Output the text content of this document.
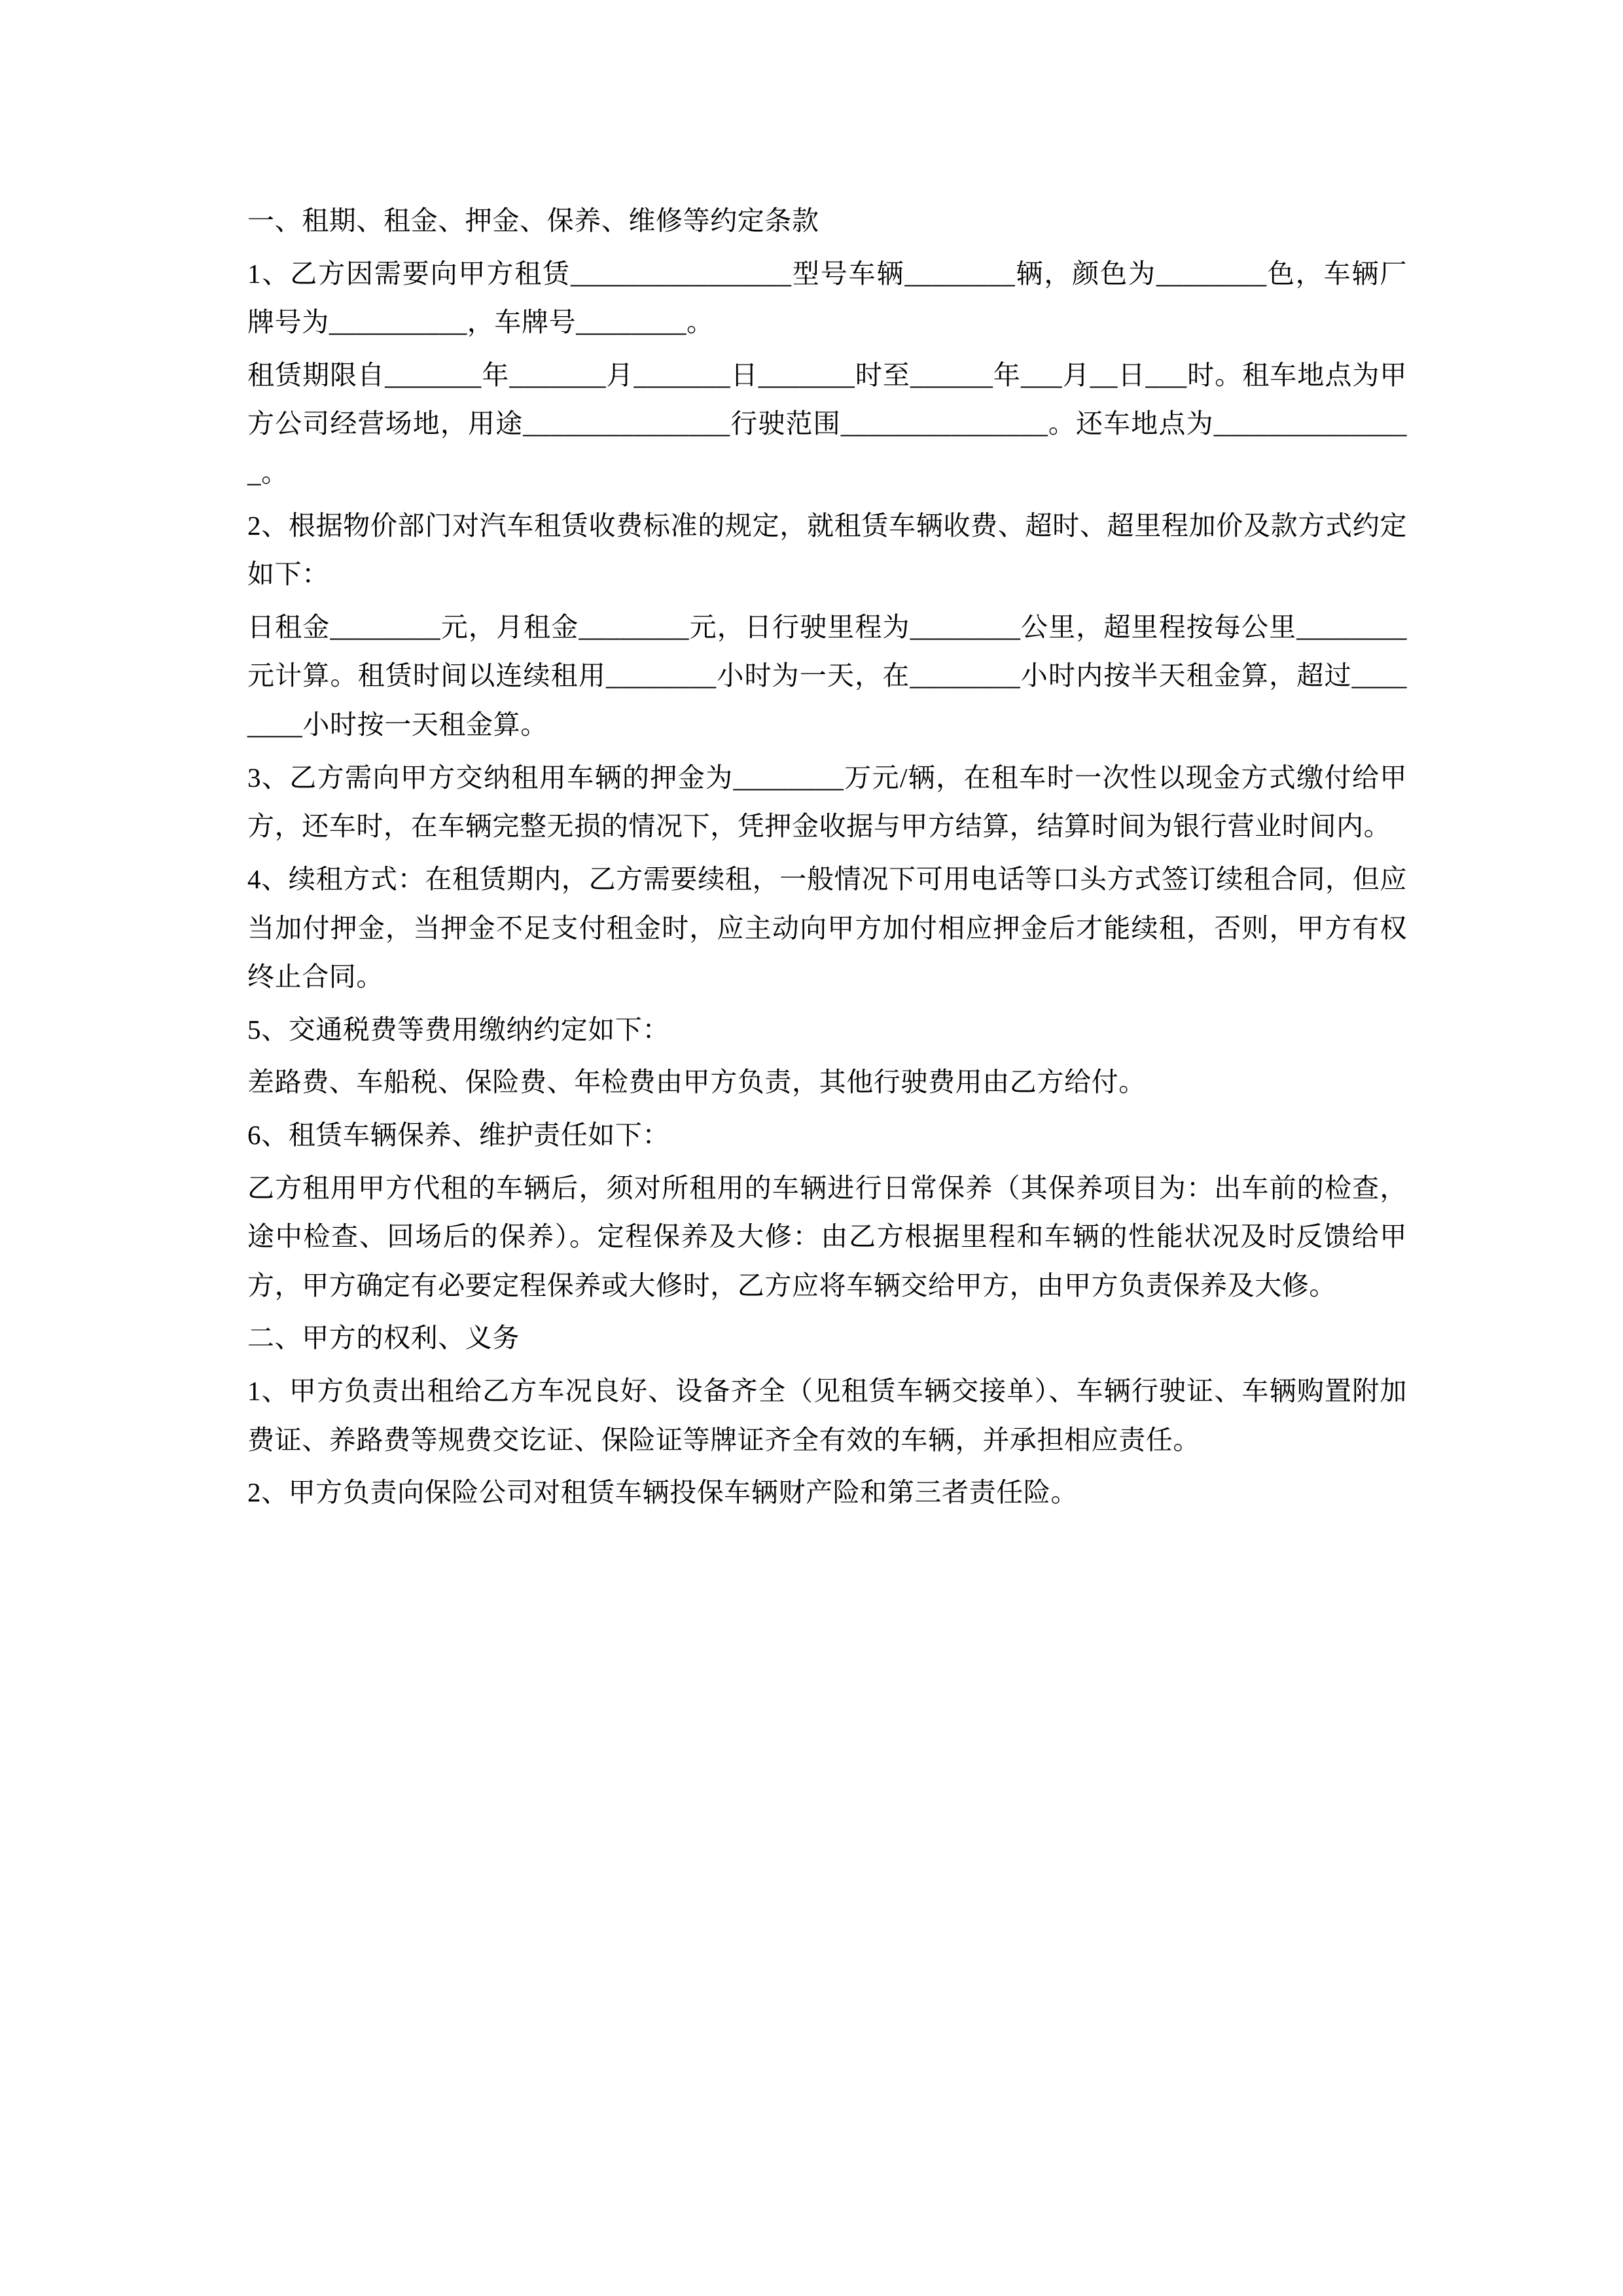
一、租期、租金、押金、保养、维修等约定条款

1、乙方因需要向甲方租赁________________型号车辆________辆，颜色为________色，车辆厂牌号为__________，车牌号________。

租赁期限自_______年_______月_______日_______时至______年___月__日___时。租车地点为甲方公司经营场地，用途_______________行驶范围_______________。还车地点为_______________。

2、根据物价部门对汽车租赁收费标准的规定，就租赁车辆收费、超时、超里程加价及款方式约定如下：

日租金________元，月租金________元，日行驶里程为________公里，超里程按每公里________元计算。租赁时间以连续租用________小时为一天，在________小时内按半天租金算，超过________小时按一天租金算。

3、乙方需向甲方交纳租用车辆的押金为________万元/辆，在租车时一次性以现金方式缴付给甲方，还车时，在车辆完整无损的情况下，凭押金收据与甲方结算，结算时间为银行营业时间内。

4、续租方式：在租赁期内，乙方需要续租，一般情况下可用电话等口头方式签订续租合同，但应当加付押金，当押金不足支付租金时，应主动向甲方加付相应押金后才能续租，否则，甲方有权终止合同。

5、交通税费等费用缴纳约定如下：

差路费、车船税、保险费、年检费由甲方负责，其他行驶费用由乙方给付。

6、租赁车辆保养、维护责任如下：

乙方租用甲方代租的车辆后，须对所租用的车辆进行日常保养（其保养项目为：出车前的检查，途中检查、回场后的保养）。定程保养及大修：由乙方根据里程和车辆的性能状况及时反馈给甲方，甲方确定有必要定程保养或大修时，乙方应将车辆交给甲方，由甲方负责保养及大修。

二、甲方的权利、义务

1、甲方负责出租给乙方车况良好、设备齐全（见租赁车辆交接单）、车辆行驶证、车辆购置附加费证、养路费等规费交讫证、保险证等牌证齐全有效的车辆，并承担相应责任。

2、甲方负责向保险公司对租赁车辆投保车辆财产险和第三者责任险。
